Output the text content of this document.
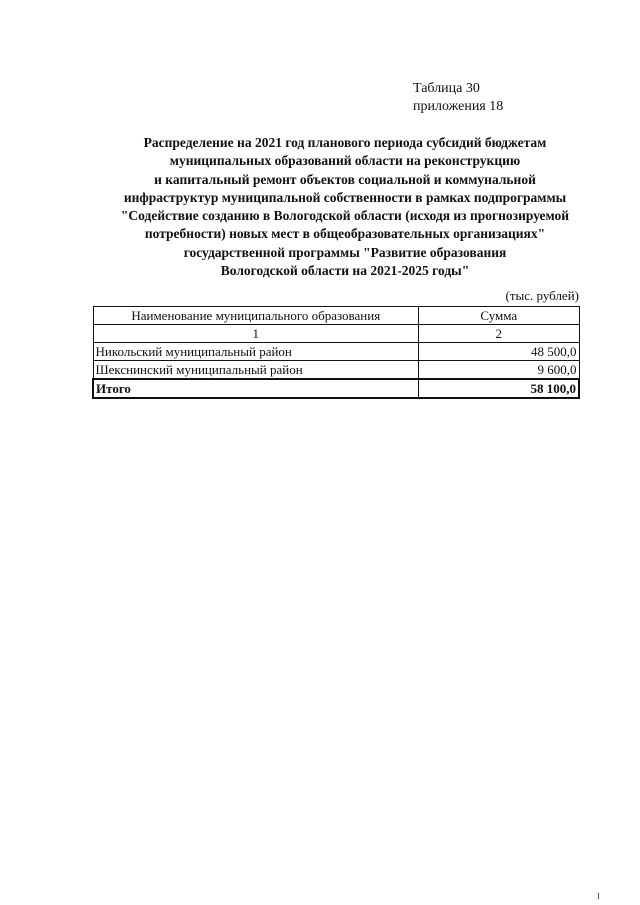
Таблица 30
приложения 18
Распределение на 2021 год планового периода субсидий бюджетам
муниципальных образований области на реконструкцию
и капитальный ремонт объектов социальной и коммунальной
инфраструктур муниципальной собственности в рамках подпрограммы
"Содействие созданию в Вологодской области (исходя из прогнозируемой
потребности) новых мест в общеобразовательных организациях"
государственной программы "Развитие образования
Вологодской области на 2021-2025 годы"
(тыс. рублей)
Наименование муниципального образования	Сумма
1	2
Никольский муниципальный район	48 500,0
Шекснинский муниципальный район	9 600,0
Итого	58 100,0
